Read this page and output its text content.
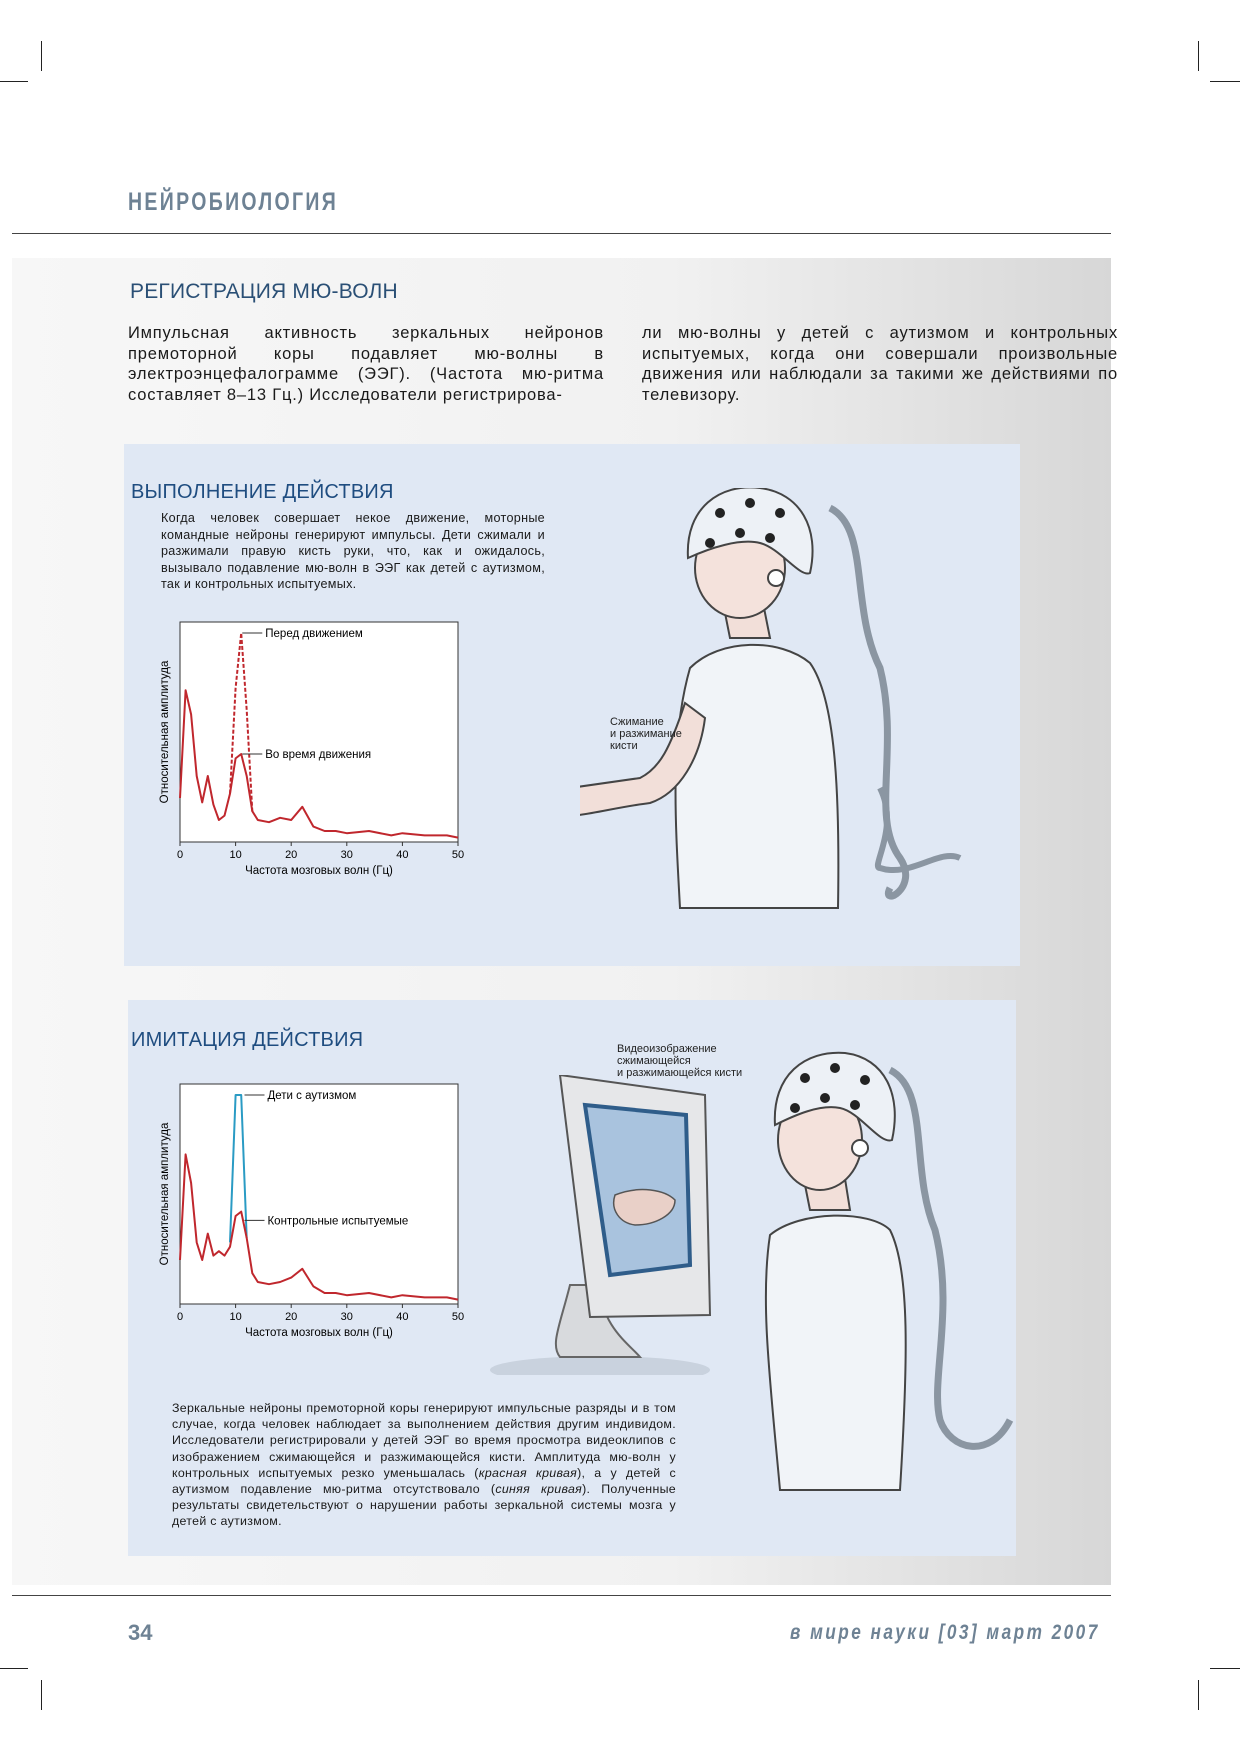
НЕЙРОБИОЛОГИЯ
РЕГИСТРАЦИЯ МЮ-ВОЛН
Импульсная активность зеркальных нейронов премоторной коры подавляет мю-волны в электроэнцефалограмме (ЭЭГ). (Частота мю-ритма составляет 8–13 Гц.) Исследователи регистрирова-
ли мю-волны у детей с аутизмом и контрольных испытуемых, когда они совершали произвольные движения или наблюдали за такими же действиями по телевизору.
ВЫПОЛНЕНИЕ ДЕЙСТВИЯ
Когда человек совершает некое движение, моторные командные нейроны генерируют импульсы. Дети сжимали и разжимали правую кисть руки, что, как и ожидалось, вызывало подавление мю-волн в ЭЭГ как детей с аутизмом, так и контрольных испытуемых.
0	10	20	30	40	50
Частота мозговых волн (Гц)
Относительная амплитуда
Перед движением
Во время движения
Сжимание
и разжимание
кисти
ИМИТАЦИЯ ДЕЙСТВИЯ
0	10	20	30	40	50
Частота мозговых волн (Гц)
Относительная амплитуда
Дети с аутизмом
Контрольные испытуемые
Видеоизображение
сжимающейся
и разжимающейся кисти
Зеркальные нейроны премоторной коры генерируют импульсные разряды и в том случае, когда человек наблюдает за выполнением действия другим индивидом. Исследователи регистрировали у детей ЭЭГ во время просмотра видеоклипов с изображением сжимающейся и разжимающейся кисти. Амплитуда мю-волн у контрольных испытуемых резко уменьшалась (красная кривая), а у детей с аутизмом подавление мю-ритма отсутствовало (синяя кривая). Полученные результаты свидетельствуют о нарушении работы зеркальной системы мозга у детей с аутизмом.
34	в мире науки [03] март 2007
